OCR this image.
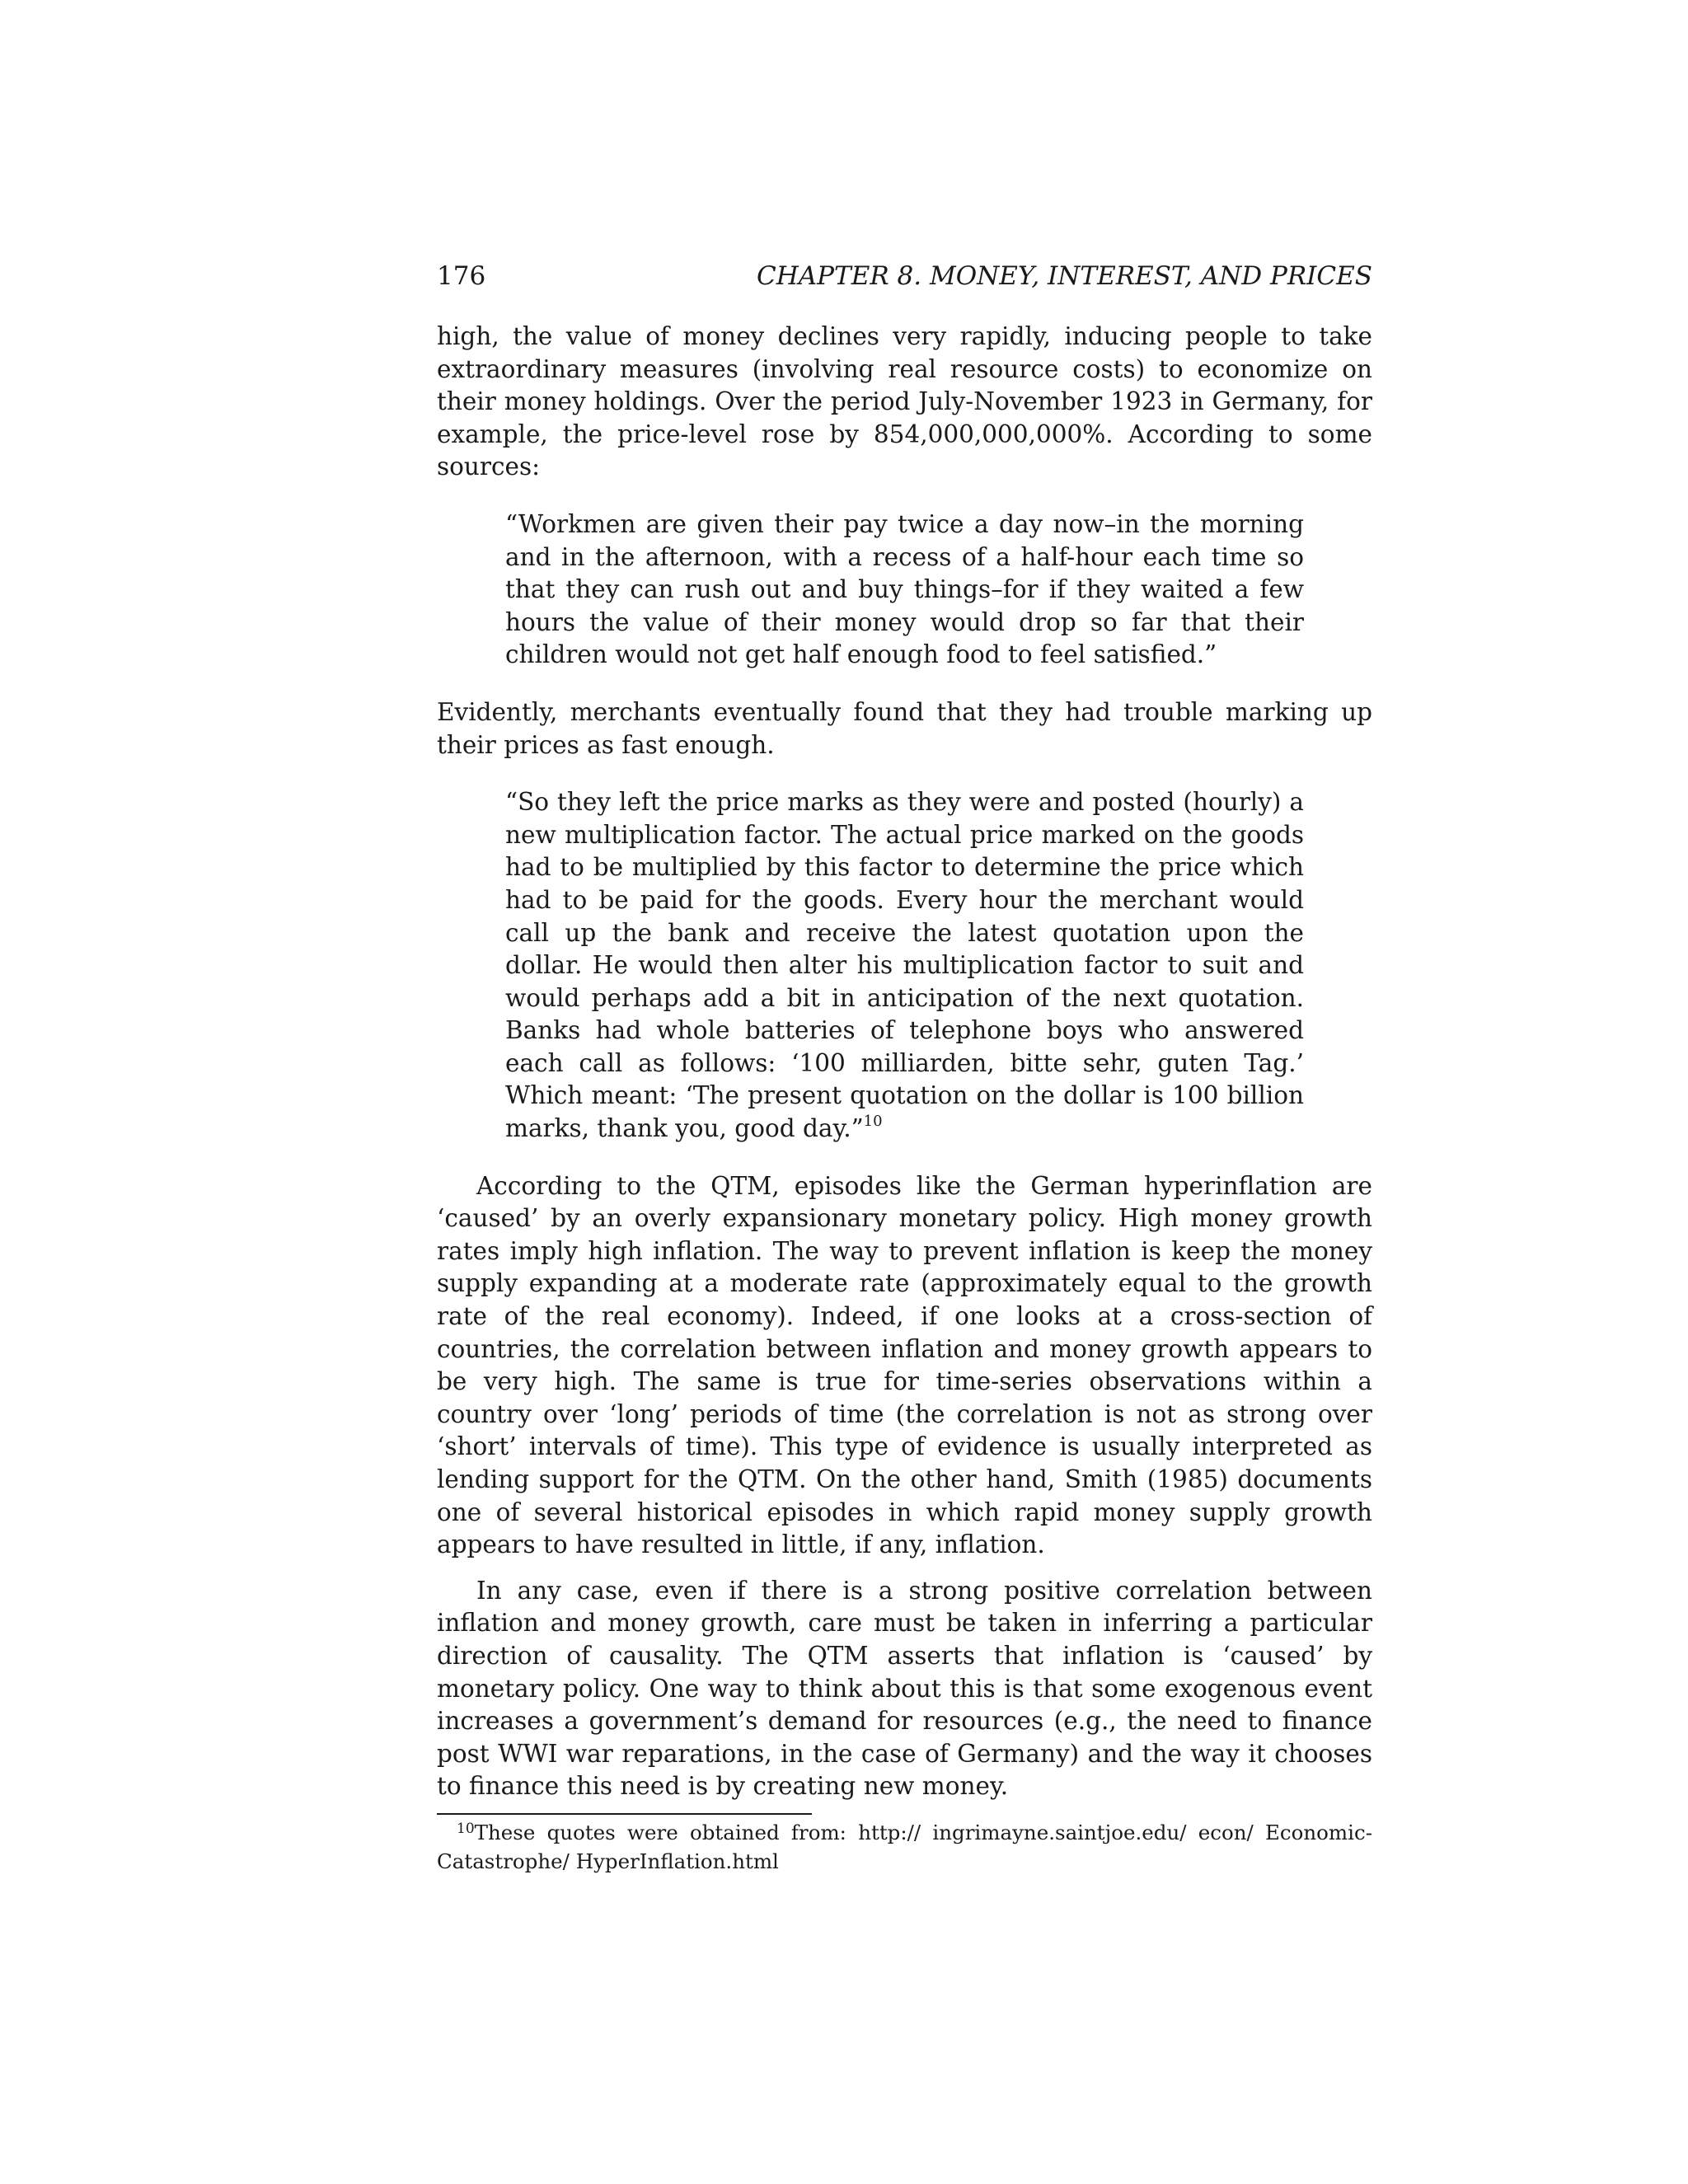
176	CHAPTER 8. MONEY, INTEREST, AND PRICES

high, the value of money declines very rapidly, inducing people to take extraordinary measures (involving real resource costs) to economize on their money holdings. Over the period July-November 1923 in Germany, for example, the price-level rose by 854,000,000,000%. According to some sources:

“Workmen are given their pay twice a day now–in the morning and in the afternoon, with a recess of a half-hour each time so that they can rush out and buy things–for if they waited a few hours the value of their money would drop so far that their children would not get half enough food to feel satisfied.”

Evidently, merchants eventually found that they had trouble marking up their prices as fast enough.

“So they left the price marks as they were and posted (hourly) a new multiplication factor. The actual price marked on the goods had to be multiplied by this factor to determine the price which had to be paid for the goods. Every hour the merchant would call up the bank and receive the latest quotation upon the dollar. He would then alter his multiplication factor to suit and would perhaps add a bit in anticipation of the next quotation. Banks had whole batteries of telephone boys who answered each call as follows: ‘100 milliarden, bitte sehr, guten Tag.’ Which meant: ‘The present quotation on the dollar is 100 billion marks, thank you, good day.”$^{10}$

According to the QTM, episodes like the German hyperinflation are ‘caused’ by an overly expansionary monetary policy. High money growth rates imply high inflation. The way to prevent inflation is keep the money supply expanding at a moderate rate (approximately equal to the growth rate of the real economy). Indeed, if one looks at a cross-section of countries, the correlation between inflation and money growth appears to be very high. The same is true for time-series observations within a country over ‘long’ periods of time (the correlation is not as strong over ‘short’ intervals of time). This type of evidence is usually interpreted as lending support for the QTM. On the other hand, Smith (1985) documents one of several historical episodes in which rapid money supply growth appears to have resulted in little, if any, inflation.

In any case, even if there is a strong positive correlation between inflation and money growth, care must be taken in inferring a particular direction of causality. The QTM asserts that inflation is ‘caused’ by monetary policy. One way to think about this is that some exogenous event increases a government’s demand for resources (e.g., the need to finance post WWI war reparations, in the case of Germany) and the way it chooses to finance this need is by creating new money.

$^{10}$These quotes were obtained from: http:// ingrimayne.saintjoe.edu/ econ/ Economic-Catastrophe/ HyperInflation.html
